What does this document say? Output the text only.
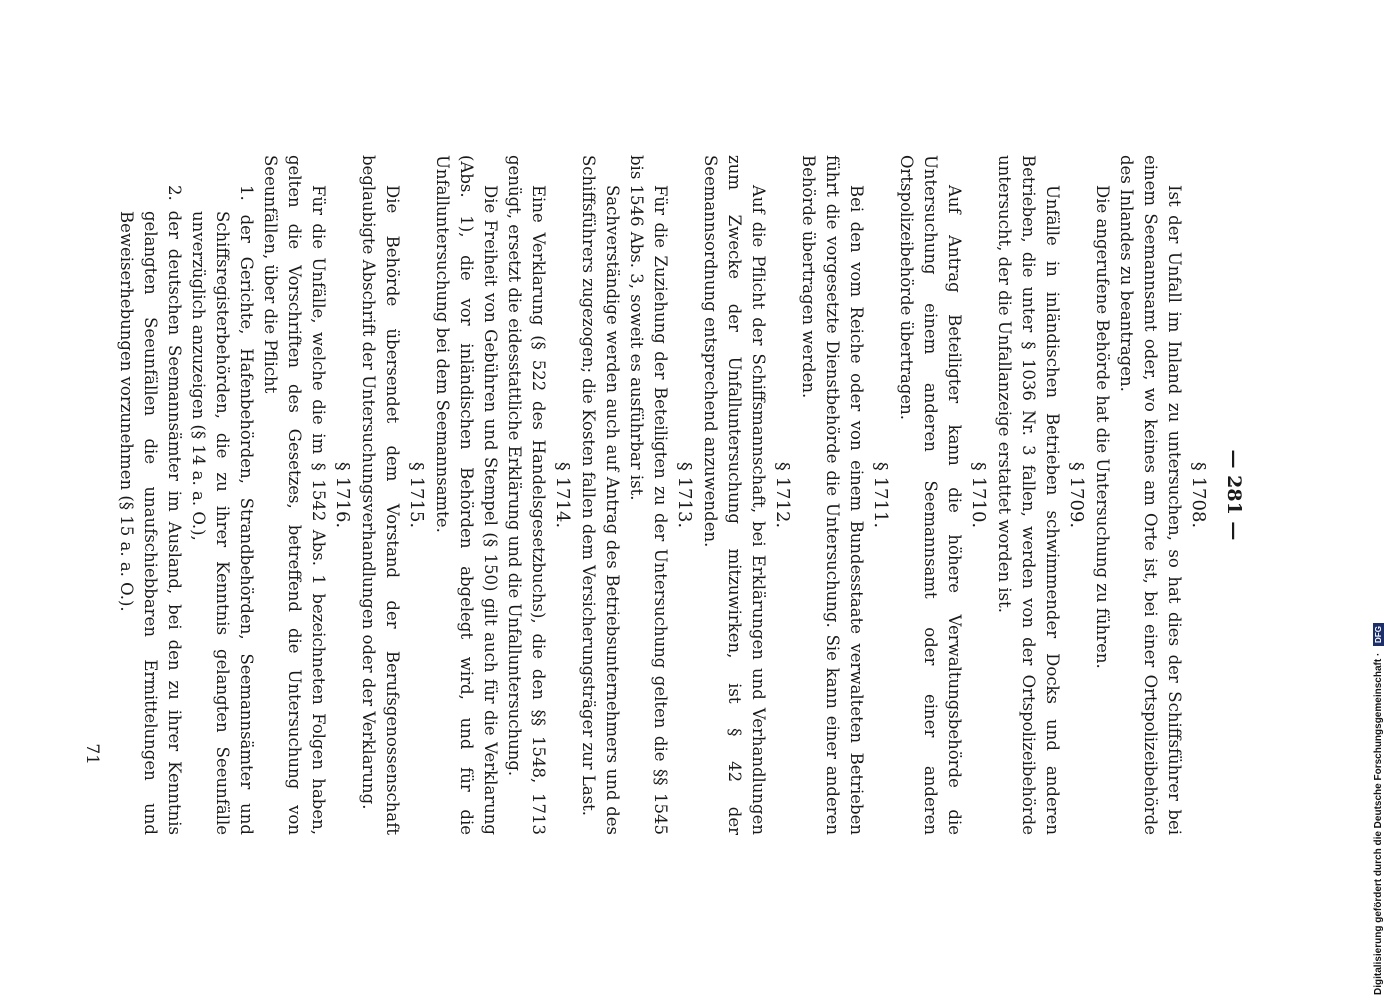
— 281 —
§ 1708.

Ist der Unfall im Inland zu untersuchen, so hat dies der Schiffsführer bei einem Seemannsamt oder, wo keines am Orte ist, bei einer Ortspolizeibehörde des Inlandes zu beantragen.

Die angerufene Behörde hat die Untersuchung zu führen.

§ 1709.

Unfälle in inländischen Betrieben schwimmender Docks und anderen Betrieben, die unter § 1036 Nr. 3 fallen, werden von der Ortspolizeibehörde untersucht, der die Unfallanzeige erstattet worden ist.

§ 1710.

Auf Antrag Beteiligter kann die höhere Verwaltungsbehörde die Untersuchung einem anderen Seemannsamt oder einer anderen Ortspolizeibehörde übertragen.

§ 1711.

Bei den vom Reiche oder von einem Bundesstaate verwalteten Betrieben führt die vorgesetzte Dienstbehörde die Untersuchung. Sie kann einer anderen Behörde übertragen werden.

§ 1712.

Auf die Pflicht der Schiffsmannschaft, bei Erklärungen und Verhandlungen zum Zwecke der Unfalluntersuchung mitzuwirken, ist § 42 der Seemannsordnung entsprechend anzuwenden.

§ 1713.

Für die Zuziehung der Beteiligten zu der Untersuchung gelten die §§ 1545 bis 1546 Abs. 3, soweit es ausführbar ist.

Sachverständige werden auch auf Antrag des Betriebsunternehmers und des Schiffsführers zugezogen; die Kosten fallen dem Versicherungsträger zur Last.

§ 1714.

Eine Verklarung (§ 522 des Handelsgesetzbuchs), die den §§ 1548, 1713 genügt, ersetzt die eidesstattliche Erklärung und die Unfalluntersuchung.

Die Freiheit von Gebühren und Stempel (§ 150) gilt auch für die Verklarung (Abs. 1), die vor inländischen Behörden abgelegt wird, und für die Unfalluntersuchung bei dem Seemannsamte.

§ 1715.

Die Behörde übersendet dem Vorstand der Berufsgenossenschaft beglaubigte Abschrift der Untersuchungsverhandlungen oder der Verklarung.

§ 1716.

Für die Unfälle, welche die im § 1542 Abs. 1 bezeichneten Folgen haben, gelten die Vorschriften des Gesetzes, betreffend die Untersuchung von Seeunfällen, über die Pflicht

1. der Gerichte, Hafenbehörden, Strandbehörden, Seemannsämter und Schiffsregisterbehörden, die zu ihrer Kenntnis gelangten Seeunfälle unverzüglich anzuzeigen (§ 14 a. a. O.),
2. der deutschen Seemannsämter im Ausland, bei den zu ihrer Kenntnis gelangten Seeunfällen die unaufschiebbaren Ermittelungen und Beweiserhebungen vorzunehmen (§ 15 a. a. O.).
71	Digitalisierung gefördert durch die Deutsche Forschungsgemeinschaft · DFG
